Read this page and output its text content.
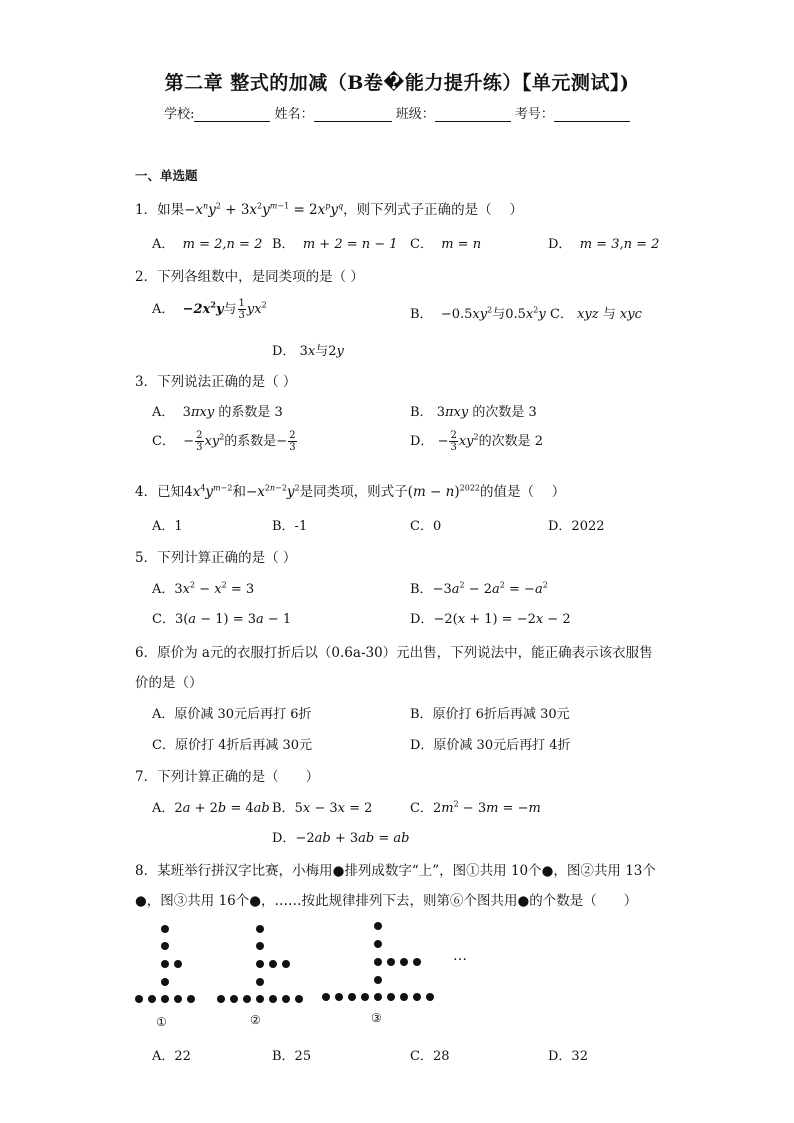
第二章 整式的加减（B卷�能力提升练）【单元测试】)
学校:	姓名：	班级：	考号：
一、单选题
1．如果$-x^ny^2 + 3x^2y^{m-1} = 2x^py^q$，则下列式子正确的是（　 ）
A． m = 2,n = 2 B． m + 2 = n − 1 C． m = n	D． m = 3,n = 2
2．下列各组数中，是同类项的是（ ）
A． $-2x^2y$与 $\frac{1}{3} yx^2$
B．  $-0.5xy^2$与$0.5x^2y$ C． xyz 与 xyc
D． 3x与2y
3．下列说法正确的是（ ）
A．  3πxy 的系数是 3	B． 3πxy 的次数是 3
C．  − $\frac{2}{3} xy^2$的系数是− $\frac{2}{3}$	D． − $\frac{2}{3} xy^2$的次数是 2
4．已知$4x^4y^{m-2}$和$-x^{2n-2}y^2$是同类项，则式子$(m - n)^{2022}$的值是（　 ）
A．1	B．-1	C．0	D．2022
5．下列计算正确的是（ ）
A．$3x^2 - x^2 = 3$	B．$-3a^2 - 2a^2 = -a^2$
C．3(a − 1) = 3a − 1	D．−2(x + 1) = −2x − 2
6．原价为 a元的衣服打折后以（0.6a-30）元出售，下列说法中，能正确表示该衣服售
价的是（）
A．原价减 30元后再打 6折	B．原价打 6折后再减 30元
C．原价打 4折后再减 30元	D．原价减 30元后再打 4折
7．下列计算正确的是（　　）
A．2a + 2b = 4ab B．5x − 3x = 2	C．$2m^2 - 3m = -m$
D．−2ab + 3ab = ab
8．某班举行拼汉字比赛，小梅用●排列成数字“上”，图①共用 10个●，图②共用 13个
●，图③共用 16个●，……按此规律排列下去，则第⑥个图共用●的个数是（　　）
①	②	③
…
A．22	B．25	C．28	D．32
